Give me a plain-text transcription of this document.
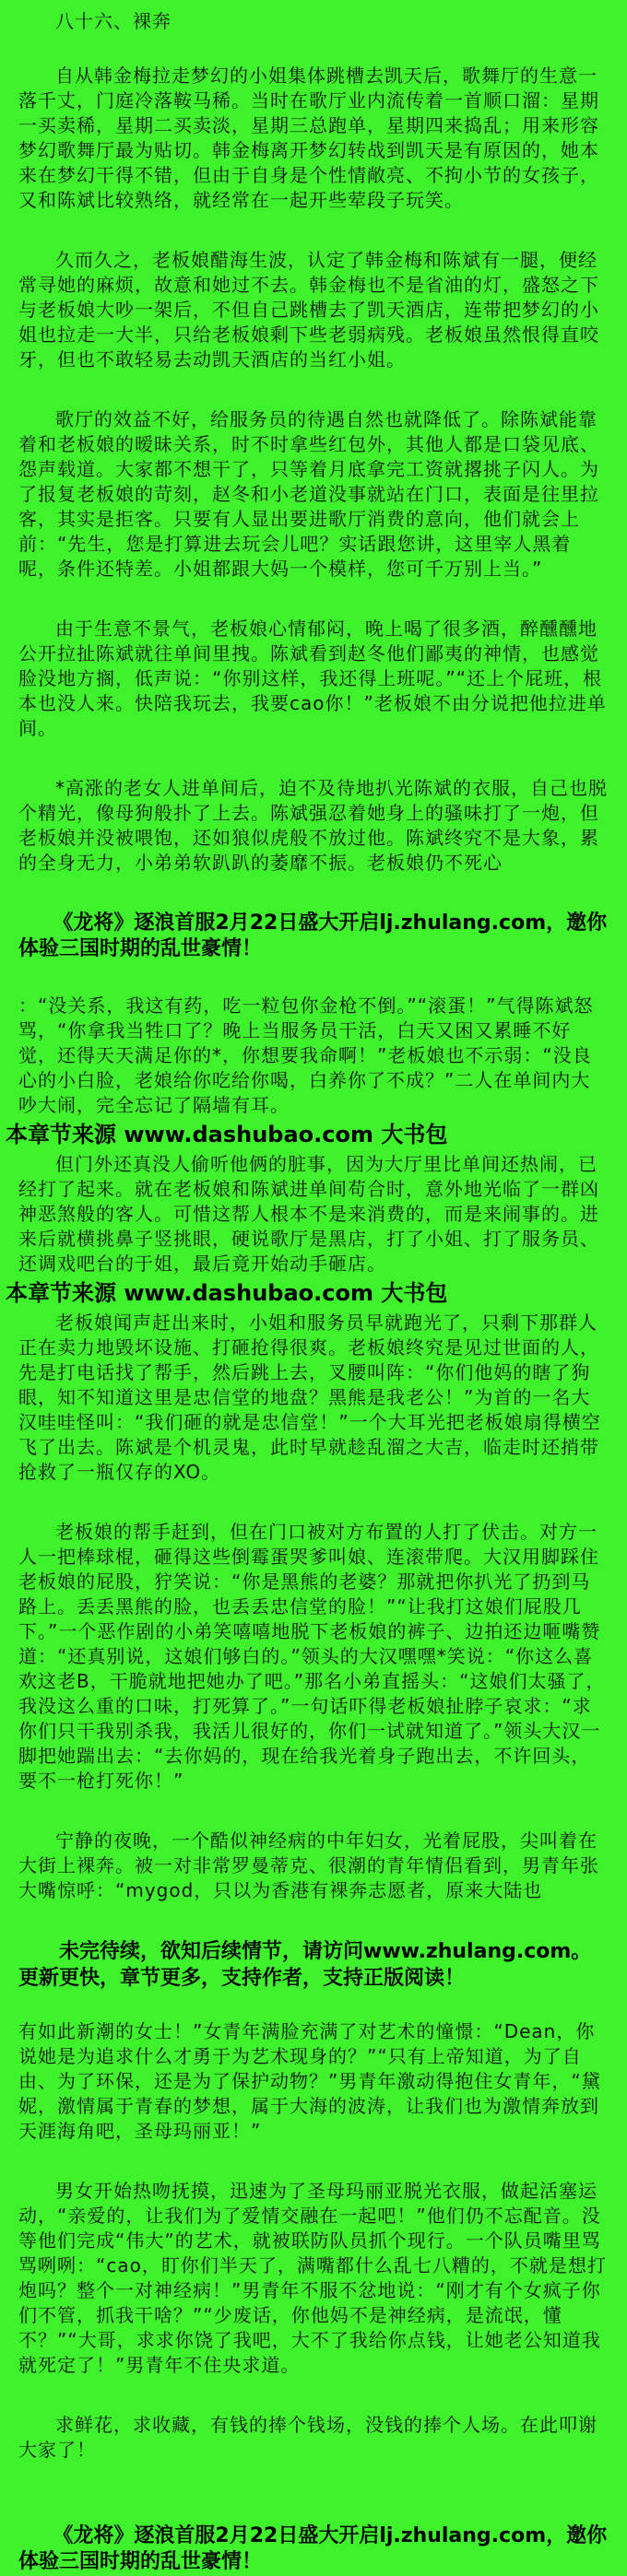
八十六、裸奔

自从韩金梅拉走梦幻的小姐集体跳槽去凯天后，歌舞厅的生意一落千丈，门庭冷落鞍马稀。当时在歌厅业内流传着一首顺口溜：星期一买卖稀，星期二买卖淡，星期三总跑单，星期四来捣乱；用来形容梦幻歌舞厅最为贴切。韩金梅离开梦幻转战到凯天是有原因的，她本来在梦幻干得不错，但由于自身是个性情敞亮、不拘小节的女孩子，又和陈斌比较熟络，就经常在一起开些荤段子玩笑。

久而久之，老板娘醋海生波，认定了韩金梅和陈斌有一腿，便经常寻她的麻烦，故意和她过不去。韩金梅也不是省油的灯，盛怒之下与老板娘大吵一架后，不但自己跳槽去了凯天酒店，连带把梦幻的小姐也拉走一大半，只给老板娘剩下些老弱病残。老板娘虽然恨得直咬牙，但也不敢轻易去动凯天酒店的当红小姐。

歌厅的效益不好，给服务员的待遇自然也就降低了。除陈斌能靠着和老板娘的暧昧关系，时不时拿些红包外，其他人都是口袋见底、怨声载道。大家都不想干了，只等着月底拿完工资就撂挑子闪人。为了报复老板娘的苛刻，赵冬和小老道没事就站在门口，表面是往里拉客，其实是拒客。只要有人显出要进歌厅消费的意向，他们就会上前：“先生，您是打算进去玩会儿吧？实话跟您讲，这里宰人黑着呢，条件还特差。小姐都跟大妈一个模样，您可千万别上当。”

由于生意不景气，老板娘心情郁闷，晚上喝了很多酒，醉醺醺地公开拉扯陈斌就往单间里拽。陈斌看到赵冬他们鄙夷的神情，也感觉脸没地方搁，低声说：“你别这样，我还得上班呢。”“还上个屁班，根本也没人来。快陪我玩去，我要cao你！”老板娘不由分说把他拉进单间。

*高涨的老女人进单间后，迫不及待地扒光陈斌的衣服，自己也脱个精光，像母狗般扑了上去。陈斌强忍着她身上的骚味打了一炮，但老板娘并没被喂饱，还如狼似虎般不放过他。陈斌终究不是大象，累的全身无力，小弟弟软趴趴的萎靡不振。老板娘仍不死心

《龙将》逐浪首服2月22日盛大开启lj.zhulang.com，邀你体验三国时期的乱世豪情！

：“没关系，我这有药，吃一粒包你金枪不倒。”“滚蛋！”气得陈斌怒骂，“你拿我当牲口了？晚上当服务员干活，白天又困又累睡不好觉，还得天天满足你的*，你想要我命啊！”老板娘也不示弱：“没良心的小白脸，老娘给你吃给你喝，白养你了不成？”二人在单间内大吵大闹，完全忘记了隔墙有耳。

本章节来源 www.dashubao.com 大书包

但门外还真没人偷听他俩的脏事，因为大厅里比单间还热闹，已经打了起来。就在老板娘和陈斌进单间苟合时，意外地光临了一群凶神恶煞般的客人。可惜这帮人根本不是来消费的，而是来闹事的。进来后就横挑鼻子竖挑眼，硬说歌厅是黑店，打了小姐、打了服务员、还调戏吧台的于姐，最后竟开始动手砸店。

本章节来源 www.dashubao.com 大书包

老板娘闻声赶出来时，小姐和服务员早就跑光了，只剩下那群人正在卖力地毁坏设施、打砸抢得很爽。老板娘终究是见过世面的人，先是打电话找了帮手，然后跳上去，叉腰叫阵：“你们他妈的瞎了狗眼，知不知道这里是忠信堂的地盘？黑熊是我老公！”为首的一名大汉哇哇怪叫：“我们砸的就是忠信堂！”一个大耳光把老板娘扇得横空飞了出去。陈斌是个机灵鬼，此时早就趁乱溜之大吉，临走时还捎带抢救了一瓶仅存的XO。

老板娘的帮手赶到，但在门口被对方布置的人打了伏击。对方一人一把棒球棍，砸得这些倒霉蛋哭爹叫娘、连滚带爬。大汉用脚踩住老板娘的屁股，狞笑说：“你是黑熊的老婆？那就把你扒光了扔到马路上。丢丢黑熊的脸，也丢丢忠信堂的脸！”“让我打这娘们屁股几下。”一个恶作剧的小弟笑嘻嘻地脱下老板娘的裤子、边拍还边咂嘴赞道：“还真别说，这娘们够白的。”领头的大汉嘿嘿*笑说：“你这么喜欢这老B，干脆就地把她办了吧。”那名小弟直摇头：“这娘们太骚了，我没这么重的口味，打死算了。”一句话吓得老板娘扯脖子哀求：“求你们只干我别杀我，我活儿很好的，你们一试就知道了。”领头大汉一脚把她踹出去：“去你妈的，现在给我光着身子跑出去，不许回头，要不一枪打死你！”

宁静的夜晚，一个酷似神经病的中年妇女，光着屁股，尖叫着在大街上裸奔。被一对非常罗曼蒂克、很潮的青年情侣看到，男青年张大嘴惊呼：“mygod，只以为香港有裸奔志愿者，原来大陆也

未完待续，欲知后续情节，请访问www.zhulang.com。更新更快，章节更多，支持作者，支持正版阅读！

有如此新潮的女士！”女青年满脸充满了对艺术的憧憬：“Dean，你说她是为追求什么才勇于为艺术现身的？”“只有上帝知道，为了自由、为了环保，还是为了保护动物？”男青年激动得抱住女青年，“黛妮，激情属于青春的梦想，属于大海的波涛，让我们也为激情奔放到天涯海角吧，圣母玛丽亚！”

男女开始热吻抚摸，迅速为了圣母玛丽亚脱光衣服，做起活塞运动，“亲爱的，让我们为了爱情交融在一起吧！”他们仍不忘配音。没等他们完成“伟大”的艺术，就被联防队员抓个现行。一个队员嘴里骂骂咧咧：“cao，盯你们半天了，满嘴都什么乱七八糟的，不就是想打炮吗？整个一对神经病！”男青年不服不忿地说：“刚才有个女疯子你们不管，抓我干啥？”“少废话，你他妈不是神经病，是流氓，懂不？”“大哥，求求你饶了我吧，大不了我给你点钱，让她老公知道我就死定了！”男青年不住央求道。

求鲜花，求收藏，有钱的捧个钱场，没钱的捧个人场。在此叩谢大家了！

《龙将》逐浪首服2月22日盛大开启lj.zhulang.com，邀你体验三国时期的乱世豪情！
